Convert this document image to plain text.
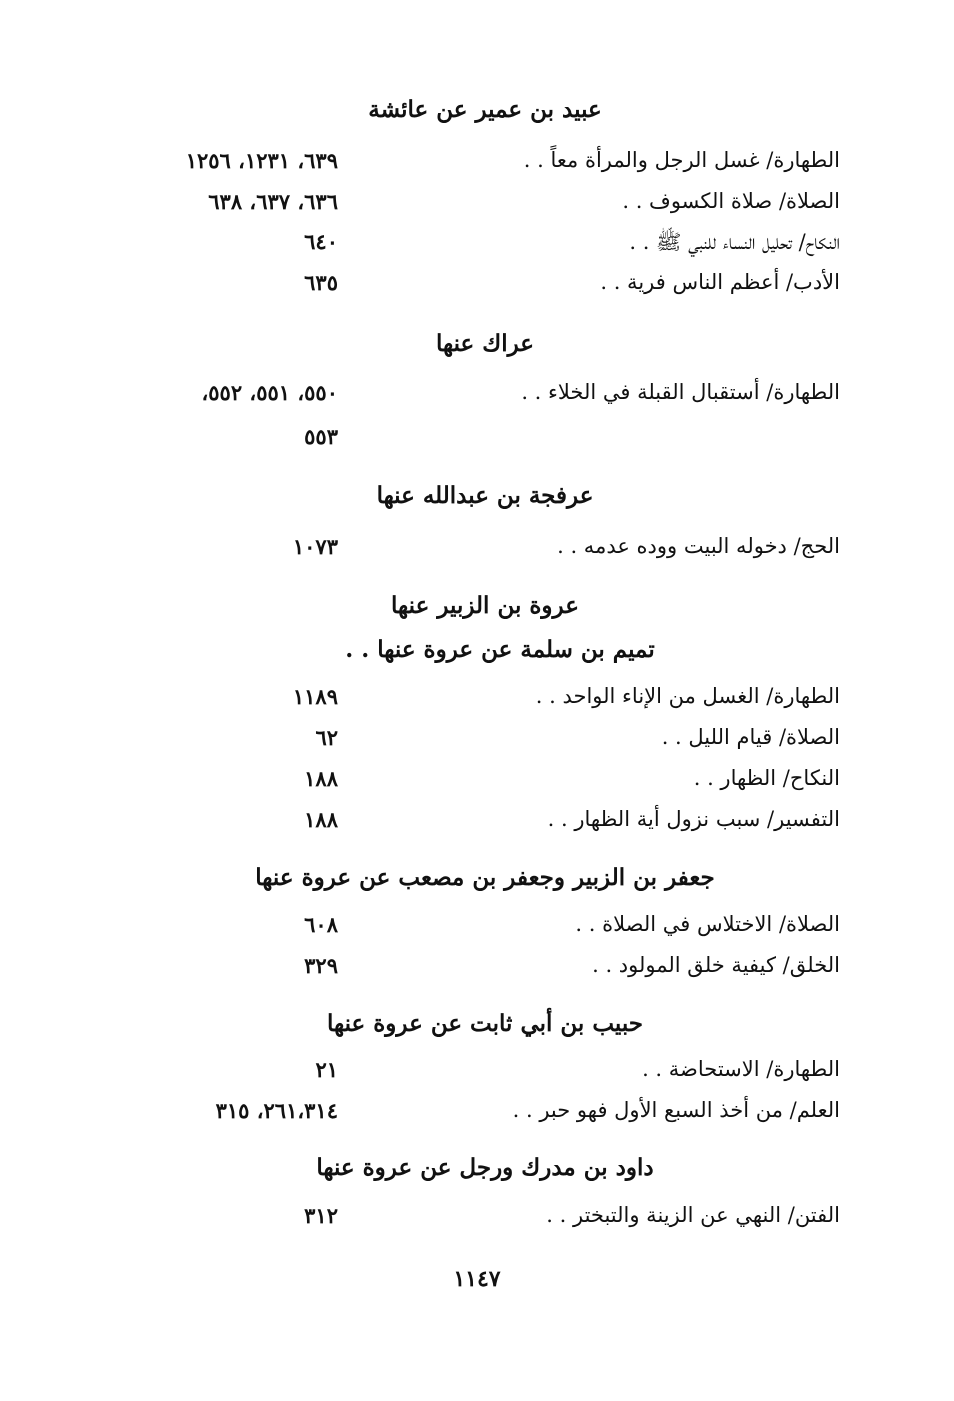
عبيد بن عمير عن عائشة
الطهارة/ غسل الرجل والمرأة معاً . .
٦٣٩، ١٢٣١، ١٢٥٦
الصلاة/ صلاة الكسوف . .
٦٣٦، ٦٣٧، ٦٣٨
النكاح/ تحليل النساء للنبي ﷺ . .
٦٤٠
الأدب/ أعظم الناس فرية . .
٦٣٥
عراك عنها
الطهارة/ أستقبال القبلة في الخلاء . .
٥٥٠، ٥٥١، ٥٥٢،
٥٥٣
عرفجة بن عبدالله عنها
الحج/ دخوله البيت ووده عدمه . .
١٠٧٣
عروة بن الزبير عنها
تميم بن سلمة عن عروة عنها . .
الطهارة/ الغسل من الإناء الواحد . .
١١٨٩
الصلاة/ قيام الليل . .
٦٢
النكاح/ الظهار . .
١٨٨
التفسير/ سبب نزول أية الظهار . .
١٨٨
جعفر بن الزبير وجعفر بن مصعب عن عروة عنها
الصلاة/ الاختلاس في الصلاة . .
٦٠٨
الخلق/ كيفية خلق المولود . .
٣٢٩
حبيب بن أبي ثابت عن عروة عنها
الطهارة/ الاستحاضة . .
٢١
العلم/ من أخذ السبع الأول فهو حبر . .
٢٦١،٣١٤، ٣١٥
داود بن مدرك ورجل عن عروة عنها
الفتن/ النهي عن الزينة والتبختر . .
٣١٢
١١٤٧
